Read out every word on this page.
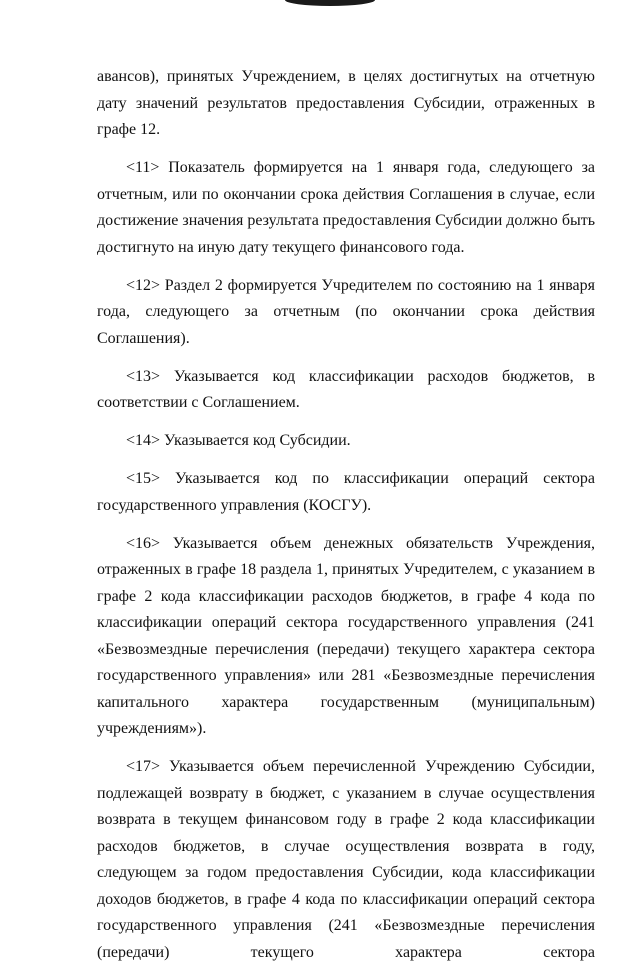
авансов), принятых Учреждением, в целях достигнутых на отчетную дату значений результатов предоставления Субсидии, отраженных в графе 12.

<11> Показатель формируется на 1 января года, следующего за отчетным, или по окончании срока действия Соглашения в случае, если достижение значения результата предоставления Субсидии должно быть достигнуто на иную дату текущего финансового года.

<12> Раздел 2 формируется Учредителем по состоянию на 1 января года, следующего за отчетным (по окончании срока действия Соглашения).

<13> Указывается код классификации расходов бюджетов, в соответствии с Соглашением.

<14> Указывается код Субсидии.

<15> Указывается код по классификации операций сектора государственного управления (КОСГУ).

<16> Указывается объем денежных обязательств Учреждения, отраженных в графе 18 раздела 1, принятых Учредителем, с указанием в графе 2 кода классификации расходов бюджетов, в графе 4 кода по классификации операций сектора государственного управления (241 «Безвозмездные перечисления (передачи) текущего характера сектора государственного управления» или 281 «Безвозмездные перечисления капитального характера государственным (муниципальным) учреждениям»).

<17> Указывается объем перечисленной Учреждению Субсидии, подлежащей возврату в бюджет, с указанием в случае осуществления возврата в текущем финансовом году в графе 2 кода классификации расходов бюджетов, в случае осуществления возврата в году, следующем за годом предоставления Субсидии, кода классификации доходов бюджетов, в графе 4 кода по классификации операций сектора государственного управления (241 «Безвозмездные перечисления (передачи) текущего характера сектора
